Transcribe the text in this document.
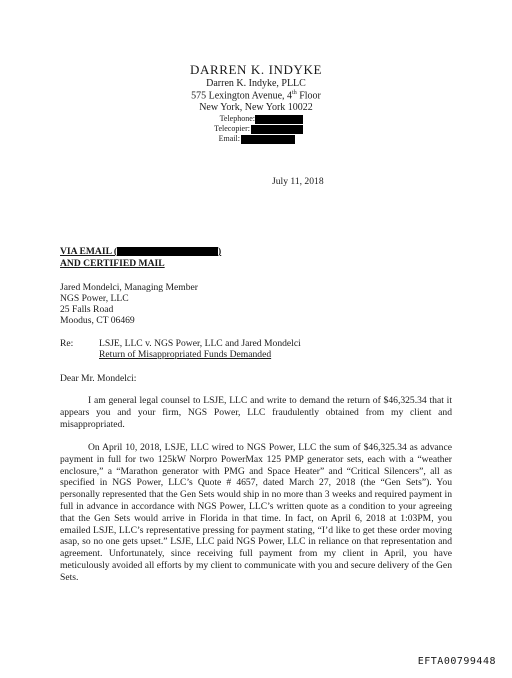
DARREN K. INDYKE
Darren K. Indyke, PLLC
575 Lexington Avenue, 4th Floor
New York, New York 10022
Telephone:
Telecopier:
Email:
July 11, 2018
VIA EMAIL (	)
AND CERTIFIED MAIL
Jared Mondelci, Managing Member
NGS Power, LLC
25 Falls Road
Moodus, CT 06469
Re:	LSJE, LLC v. NGS Power, LLC and Jared Mondelci
Return of Misappropriated Funds Demanded
Dear Mr. Mondelci:
I am general legal counsel to LSJE, LLC and write to demand the return of $46,325.34 that it appears you and your firm, NGS Power, LLC fraudulently obtained from my client and misappropriated.
On April 10, 2018, LSJE, LLC wired to NGS Power, LLC the sum of $46,325.34 as advance payment in full for two 125kW Norpro PowerMax 125 PMP generator sets, each with a “weather enclosure,” a “Marathon generator with PMG and Space Heater” and “Critical Silencers”, all as specified in NGS Power, LLC’s Quote # 4657, dated March 27, 2018 (the “Gen Sets”). You personally represented that the Gen Sets would ship in no more than 3 weeks and required payment in full in advance in accordance with NGS Power, LLC’s written quote as a condition to your agreeing that the Gen Sets would arrive in Florida in that time. In fact, on April 6, 2018 at 1:03PM, you emailed LSJE, LLC’s representative pressing for payment stating, “I’d like to get these order moving asap, so no one gets upset.” LSJE, LLC paid NGS Power, LLC in reliance on that representation and agreement. Unfortunately, since receiving full payment from my client in April, you have meticulously avoided all efforts by my client to communicate with you and secure delivery of the Gen Sets.
EFTA00799448
